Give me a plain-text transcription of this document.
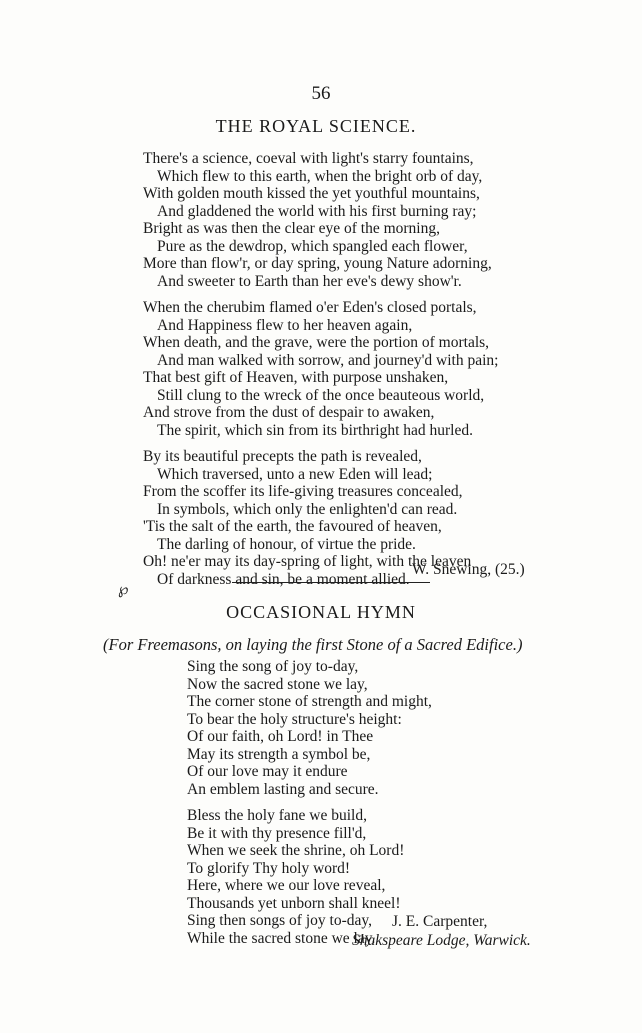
56
THE ROYAL SCIENCE.
There's a science, coeval with light's starry fountains,
Which flew to this earth, when the bright orb of day,
With golden mouth kissed the yet youthful mountains,
And gladdened the world with his first burning ray;
Bright as was then the clear eye of the morning,
Pure as the dewdrop, which spangled each flower,
More than flow'r, or day spring, young Nature adorning,
And sweeter to Earth than her eve's dewy show'r.
When the cherubim flamed o'er Eden's closed portals,
And Happiness flew to her heaven again,
When death, and the grave, were the portion of mortals,
And man walked with sorrow, and journey'd with pain;
That best gift of Heaven, with purpose unshaken,
Still clung to the wreck of the once beauteous world,
And strove from the dust of despair to awaken,
The spirit, which sin from its birthright had hurled.
By its beautiful precepts the path is revealed,
Which traversed, unto a new Eden will lead;
From the scoffer its life-giving treasures concealed,
In symbols, which only the enlighten'd can read.
'Tis the salt of the earth, the favoured of heaven,
The darling of honour, of virtue the pride.
Oh! ne'er may its day-spring of light, with the leaven
Of darkness and sin, be a moment allied.
W. Snewing, (25.)
℘
OCCASIONAL HYMN
(For Freemasons, on laying the first Stone of a Sacred Edifice.)
Sing the song of joy to-day,
Now the sacred stone we lay,
The corner stone of strength and might,
To bear the holy structure's height:
Of our faith, oh Lord! in Thee
May its strength a symbol be,
Of our love may it endure
An emblem lasting and secure.
Bless the holy fane we build,
Be it with thy presence fill'd,
When we seek the shrine, oh Lord!
To glorify Thy holy word!
Here, where we our love reveal,
Thousands yet unborn shall kneel!
Sing then songs of joy to-day,
While the sacred stone we lay.
J. E. Carpenter,
Shakspeare Lodge, Warwick.
